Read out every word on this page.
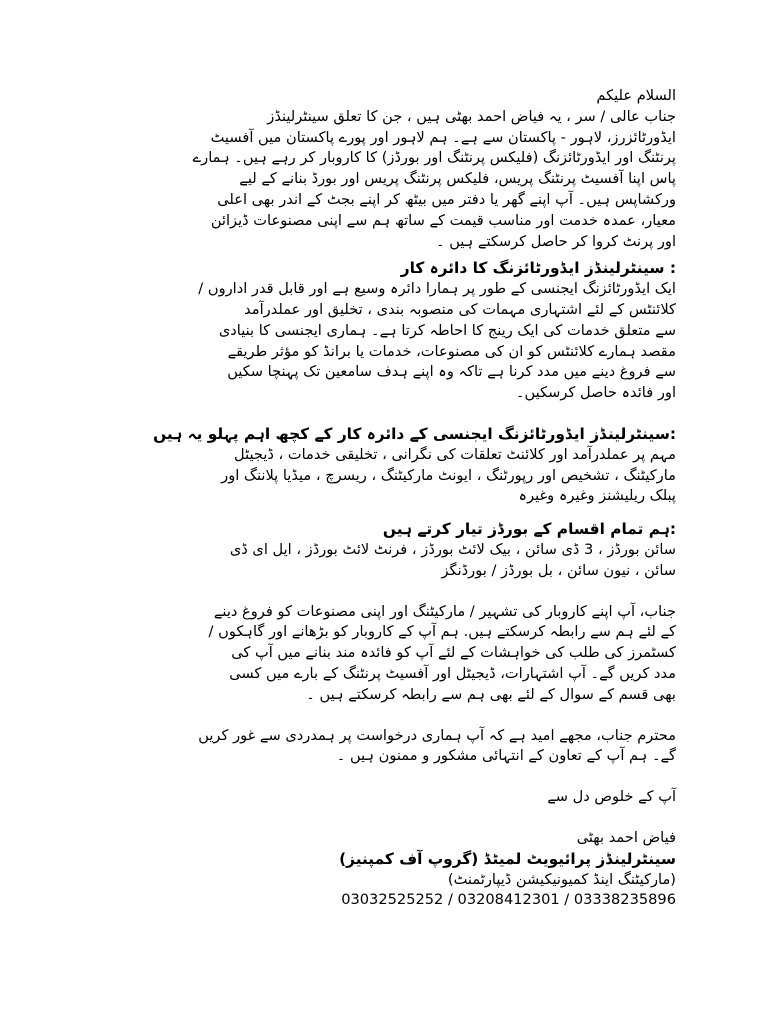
السلام علیکم
جناب عالی / سر ، یہ فیاض احمد بھٹی ہیں ، جن کا تعلق سینٹرلینڈز
ایڈورٹائزرز، لاہور - پاکستان سے ہے۔ ہم لاہور اور پورے پاکستان میں آفسیٹ
پرنٹنگ اور ایڈورٹائزنگ (فلیکس پرنٹنگ اور بورڈز) کا کاروبار کر رہے ہیں۔ ہمارے
پاس اپنا آفسیٹ پرنٹنگ پریس، فلیکس پرنٹنگ پریس اور بورڈ بنانے کے لیے
ورکشاپس ہیں۔ آپ اپنے گھر یا دفتر میں بیٹھ کر اپنے بجٹ کے اندر بھی اعلی
معیار، عمدہ خدمت اور مناسب قیمت کے ساتھ ہم سے اپنی مصنوعات ڈیزائن
اور پرنٹ کروا کر حاصل کرسکتے ہیں ۔
: سینٹرلینڈز ایڈورٹائزنگ کا دائرہ کار
ایک ایڈورٹائزنگ ایجنسی کے طور پر ہمارا دائرہ وسیع ہے اور قابل قدر اداروں /
کلائنٹس کے لئے اشتہاری مہمات کی منصوبہ بندی ، تخلیق اور عملدرآمد
سے متعلق خدمات کی ایک رینج کا احاطہ کرتا ہے۔ ہماری ایجنسی کا بنیادی
مقصد ہمارے کلائنٹس کو ان کی مصنوعات، خدمات یا برانڈ کو مؤثر طریقے
سے فروغ دینے میں مدد کرنا ہے تاکہ وہ اپنے ہدف سامعین تک پہنچا سکیں
اور فائدہ حاصل کرسکیں۔
:سینٹرلینڈز ایڈورٹائزنگ ایجنسی کے دائرہ کار کے کچھ اہم پہلو یہ ہیں
مہم پر عملدرآمد اور کلائنٹ تعلقات کی نگرانی ، تخلیقی خدمات ، ڈیجیٹل
مارکیٹنگ ، تشخیص اور رپورٹنگ ، ایونٹ مارکیٹنگ ، ریسرچ ، میڈیا پلاننگ اور
پبلک ریلیشنز وغیرہ وغیرہ
:ہم تمام اقسام کے بورڈز تیار کرتے ہیں
سائن بورڈز ، 3 ڈی سائن ، بیک لائٹ بورڈز ، فرنٹ لائٹ بورڈز ، ایل ای ڈی
سائن ، نیون سائن ، بل بورڈز / بورڈنگز
جناب، آپ اپنے کاروبار کی تشہیر / مارکیٹنگ اور اپنی مصنوعات کو فروغ دینے
کے لئے ہم سے رابطہ کرسکتے ہیں. ہم آپ کے کاروبار کو بڑھانے اور گاہکوں /
کسٹمرز کی طلب کی خواہشات کے لئے آپ کو فائدہ مند بنانے میں آپ کی
مدد کریں گے۔ آپ اشتہارات، ڈیجیٹل اور آفسیٹ پرنٹنگ کے بارے میں کسی
بھی قسم کے سوال کے لئے بھی ہم سے رابطہ کرسکتے ہیں ۔
محترم جناب، مجھے امید ہے کہ آپ ہماری درخواست پر ہمدردی سے غور کریں
گے۔ ہم آپ کے تعاون کے انتہائی مشکور و ممنون ہیں ۔
آپ کے خلوص دل سے
فیاض احمد بھٹی
سینٹرلینڈز پرائیویٹ لمیٹڈ (گروپ آف کمپنیز)
(مارکیٹنگ اینڈ کمیونیکیشن ڈیپارٹمنٹ)
03032525252 / 03208412301 / 03338235896
